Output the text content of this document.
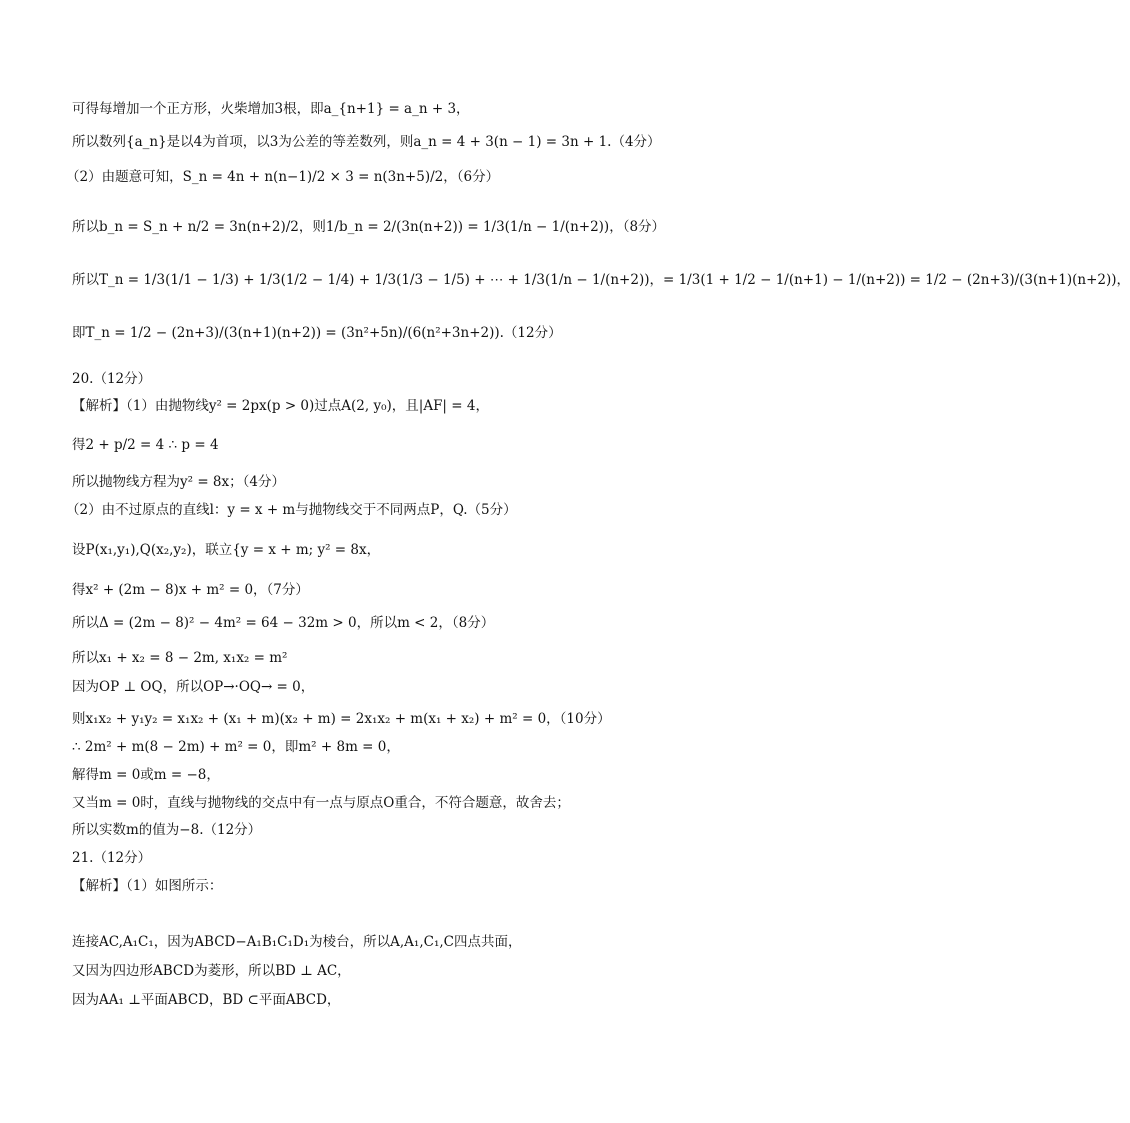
可得每增加一个正方形，火柴增加3根，即a_{n+1} = a_n + 3，
所以数列{a_n}是以4为首项，以3为公差的等差数列，则a_n = 4 + 3(n − 1) = 3n + 1.（4分）
（2）由题意可知，S_n = 4n + n(n−1)/2 × 3 = n(3n+5)/2，（6分）
所以b_n = S_n + n/2 = 3n(n+2)/2，则1/b_n = 2/(3n(n+2)) = 1/3(1/n − 1/(n+2))，（8分）
所以T_n = 1/3(1/1 − 1/3) + 1/3(1/2 − 1/4) + 1/3(1/3 − 1/5) + ⋯ + 1/3(1/n − 1/(n+2))，= 1/3(1 + 1/2 − 1/(n+1) − 1/(n+2)) = 1/2 − (2n+3)/(3(n+1)(n+2))，
即T_n = 1/2 − (2n+3)/(3(n+1)(n+2)) = (3n²+5n)/(6(n²+3n+2)).（12分）
20.（12分）
【解析】（1）由抛物线y² = 2px(p > 0)过点A(2, y₀)，且|AF| = 4，
得2 + p/2 = 4 ∴ p = 4
所以抛物线方程为y² = 8x；（4分）
（2）由不过原点的直线l：y = x + m与抛物线交于不同两点P，Q.（5分）
设P(x₁,y₁),Q(x₂,y₂)，联立{y = x + m; y² = 8x，
得x² + (2m − 8)x + m² = 0，（7分）
所以Δ = (2m − 8)² − 4m² = 64 − 32m > 0，所以m < 2，（8分）
所以x₁ + x₂ = 8 − 2m, x₁x₂ = m²
因为OP ⊥ OQ，所以OP→·OQ→ = 0，
则x₁x₂ + y₁y₂ = x₁x₂ + (x₁ + m)(x₂ + m) = 2x₁x₂ + m(x₁ + x₂) + m² = 0，（10分）
∴ 2m² + m(8 − 2m) + m² = 0，即m² + 8m = 0，
解得m = 0或m = −8，
又当m = 0时，直线与抛物线的交点中有一点与原点O重合，不符合题意，故舍去；
所以实数m的值为−8.（12分）
21.（12分）
【解析】（1）如图所示：
连接AC,A₁C₁，因为ABCD−A₁B₁C₁D₁为棱台，所以A,A₁,C₁,C四点共面，
又因为四边形ABCD为菱形，所以BD ⊥ AC，
因为AA₁ ⊥平面ABCD，BD ⊂平面ABCD，
